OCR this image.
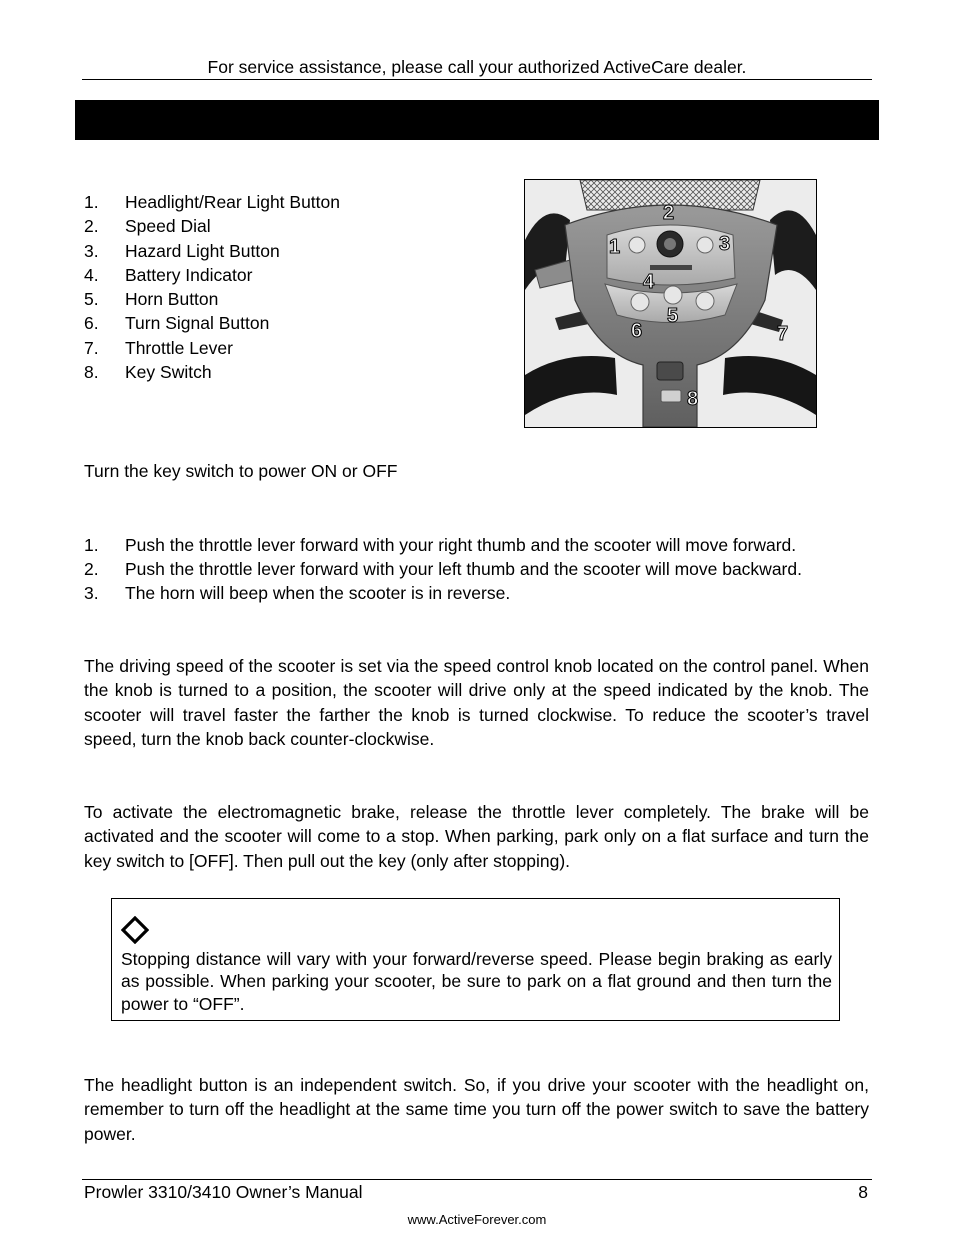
For service assistance, please call your authorized ActiveCare dealer.
1. Headlight/Rear Light Button
2. Speed Dial
3. Hazard Light Button
4. Battery Indicator
5. Horn Button
6. Turn Signal Button
7. Throttle Lever
8. Key Switch
2
1	3
4
5
6	7
8
Turn the key switch to power ON or OFF
1. Push the throttle lever forward with your right thumb and the scooter will move forward.
2. Push the throttle lever forward with your left thumb and the scooter will move backward.
3. The horn will beep when the scooter is in reverse.
The driving speed of the scooter is set via the speed control knob located on the control panel. When the knob is turned to a position, the scooter will drive only at the speed indicated by the knob. The scooter will travel faster the farther the knob is turned clockwise. To reduce the scooter’s travel speed, turn the knob back counter-clockwise.
To activate the electromagnetic brake, release the throttle lever completely. The brake will be activated and the scooter will come to a stop. When parking, park only on a flat surface and turn the key switch to [OFF]. Then pull out the key (only after stopping).
Stopping distance will vary with your forward/reverse speed. Please begin braking as early as possible. When parking your scooter, be sure to park on a flat ground and then turn the power to “OFF”.
The headlight button is an independent switch. So, if you drive your scooter with the headlight on, remember to turn off the headlight at the same time you turn off the power switch to save the battery power.
Prowler 3310/3410 Owner’s Manual	8
www.ActiveForever.com
